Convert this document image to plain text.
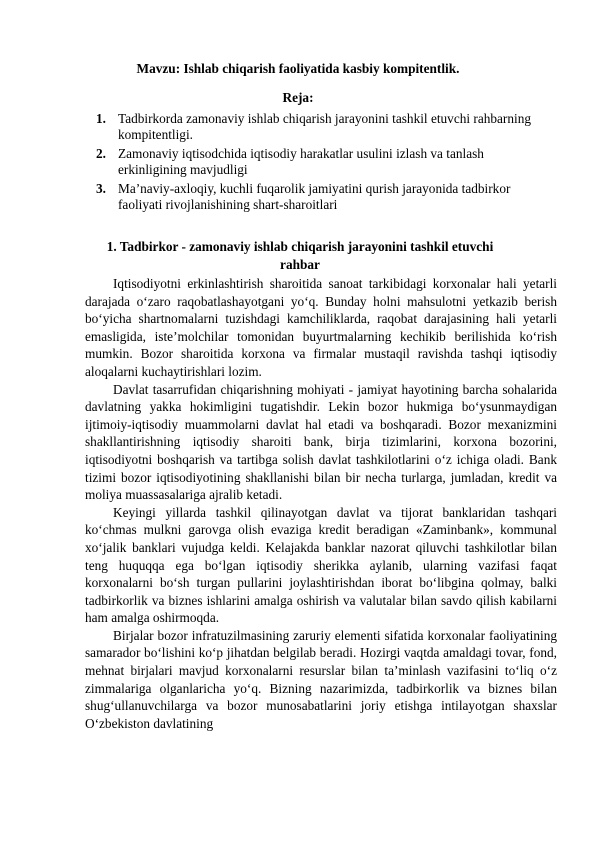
Mavzu: Ishlab chiqarish faoliyatida kasbiy kompitentlik.
Reja:
1. Tadbirkorda zamonaviy ishlab chiqarish jarayonini tashkil etuvchi rahbarning kompitentligi.
2. Zamonaviy iqtisodchida iqtisodiy harakatlar usulini izlash va tanlash erkinligining mavjudligi
3. Ma’naviy-axloqiy, kuchli fuqarolik jamiyatini qurish jarayonida tadbirkor faoliyati rivojlanishining shart-sharoitlari
1. Tadbirkor - zamonaviy ishlab chiqarish jarayonini tashkil etuvchi rahbar

Iqtisodiyotni erkinlashtirish sharoitida sanoat tarkibidagi korxonalar hali yetarli darajada o‘zaro raqobatlashayotgani yo‘q. Bunday holni mahsulotni yetkazib berish bo‘yicha shartnomalarni tuzishdagi kamchiliklarda, raqobat darajasining hali yetarli emasligida, iste’molchilar tomonidan buyurtmalarning kechikib berilishida ko‘rish mumkin. Bozor sharoitida korxona va firmalar mustaqil ravishda tashqi iqtisodiy aloqalarni kuchaytirishlari lozim.

Davlat tasarrufidan chiqarishning mohiyati - jamiyat hayotining barcha sohalarida davlatning yakka hokimligini tugatishdir. Lekin bozor hukmiga bo‘ysunmaydigan ijtimoiy-iqtisodiy muammolarni davlat hal etadi va boshqaradi. Bozor mexanizmini shakllantirishning iqtisodiy sharoiti bank, birja tizimlarini, korxona bozorini, iqtisodiyotni boshqarish va tartibga solish davlat tashkilotlarini o‘z ichiga oladi. Bank tizimi bozor iqtisodiyotining shakllanishi bilan bir necha turlarga, jumladan, kredit va moliya muassasalariga ajralib ketadi.

Keyingi yillarda tashkil qilinayotgan davlat va tijorat banklaridan tashqari ko‘chmas mulkni garovga olish evaziga kredit beradigan «Zaminbank», kommunal xo‘jalik banklari vujudga keldi. Kelajakda banklar nazorat qiluvchi tashkilotlar bilan teng huquqqa ega bo‘lgan iqtisodiy sherikka aylanib, ularning vazifasi faqat korxonalarni bo‘sh turgan pullarini joylashtirishdan iborat bo‘libgina qolmay, balki tadbirkorlik va biznes ishlarini amalga oshirish va valutalar bilan savdo qilish kabilarni ham amalga oshirmoqda.

Birjalar bozor infratuzilmasining zaruriy elementi sifatida korxonalar faoliyatining samarador bo‘lishini ko‘p jihatdan belgilab beradi. Hozirgi vaqtda amaldagi tovar, fond, mehnat birjalari mavjud korxonalarni resurslar bilan ta’minlash vazifasini to‘liq o‘z zimmalariga olganlaricha yo‘q. Bizning nazarimizda, tadbirkorlik va biznes bilan shug‘ullanuvchilarga va bozor munosabatlarini joriy etishga intilayotgan shaxslar O‘zbekiston davlatining
